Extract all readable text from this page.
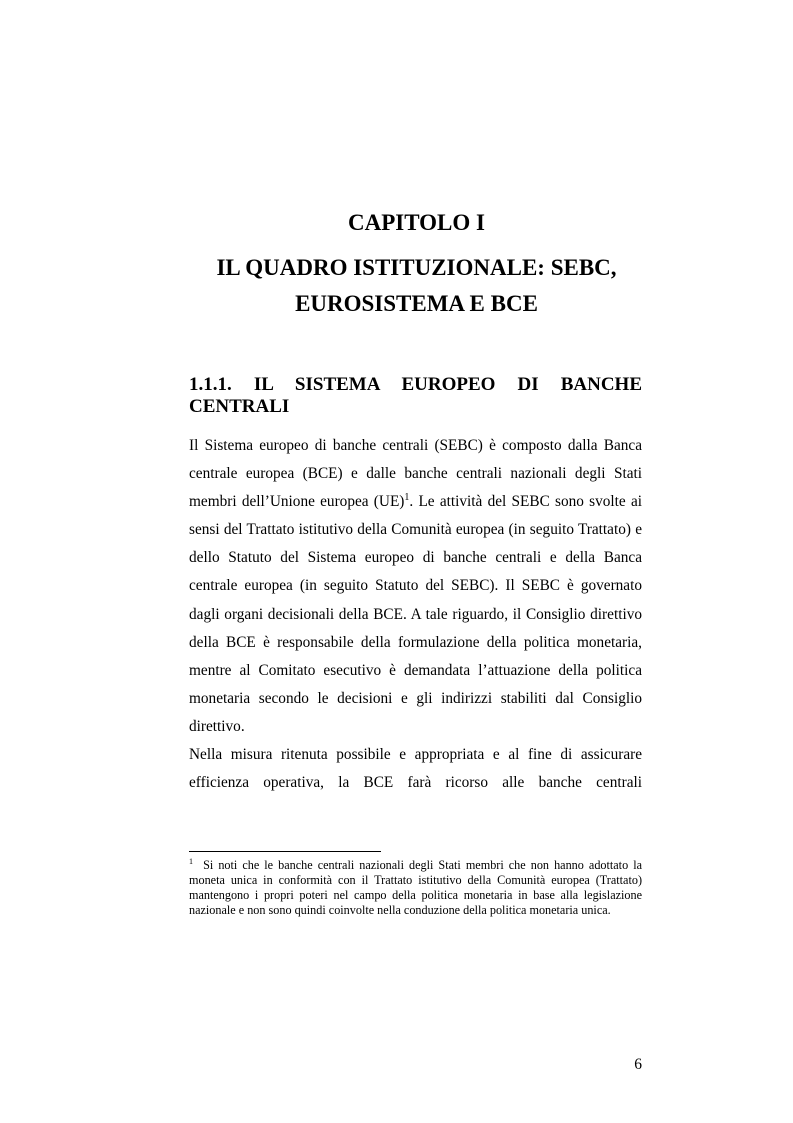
CAPITOLO I
IL QUADRO ISTITUZIONALE: SEBC,
EUROSISTEMA E BCE
1.1.1. IL SISTEMA EUROPEO DI BANCHE
CENTRALI

Il Sistema europeo di banche centrali (SEBC) è composto dalla Banca centrale europea (BCE) e dalle banche centrali nazionali degli Stati membri dell’Unione europea (UE)$^1$. Le attività del SEBC sono svolte ai sensi del Trattato istitutivo della Comunità europea (in seguito Trattato) e dello Statuto del Sistema europeo di banche centrali e della Banca centrale europea (in seguito Statuto del SEBC). Il SEBC è governato dagli organi decisionali della BCE. A tale riguardo, il Consiglio direttivo della BCE è responsabile della formulazione della politica monetaria, mentre al Comitato esecutivo è demandata l’attuazione della politica monetaria secondo le decisioni e gli indirizzi stabiliti dal Consiglio direttivo.

Nella misura ritenuta possibile e appropriata e al fine di assicurare efficienza operativa, la BCE farà ricorso alle banche centrali

$^1$ Si noti che le banche centrali nazionali degli Stati membri che non hanno adottato la moneta unica in conformità con il Trattato istitutivo della Comunità europea (Trattato) mantengono i propri poteri nel campo della politica monetaria in base alla legislazione nazionale e non sono quindi coinvolte nella conduzione della politica monetaria unica.

6
